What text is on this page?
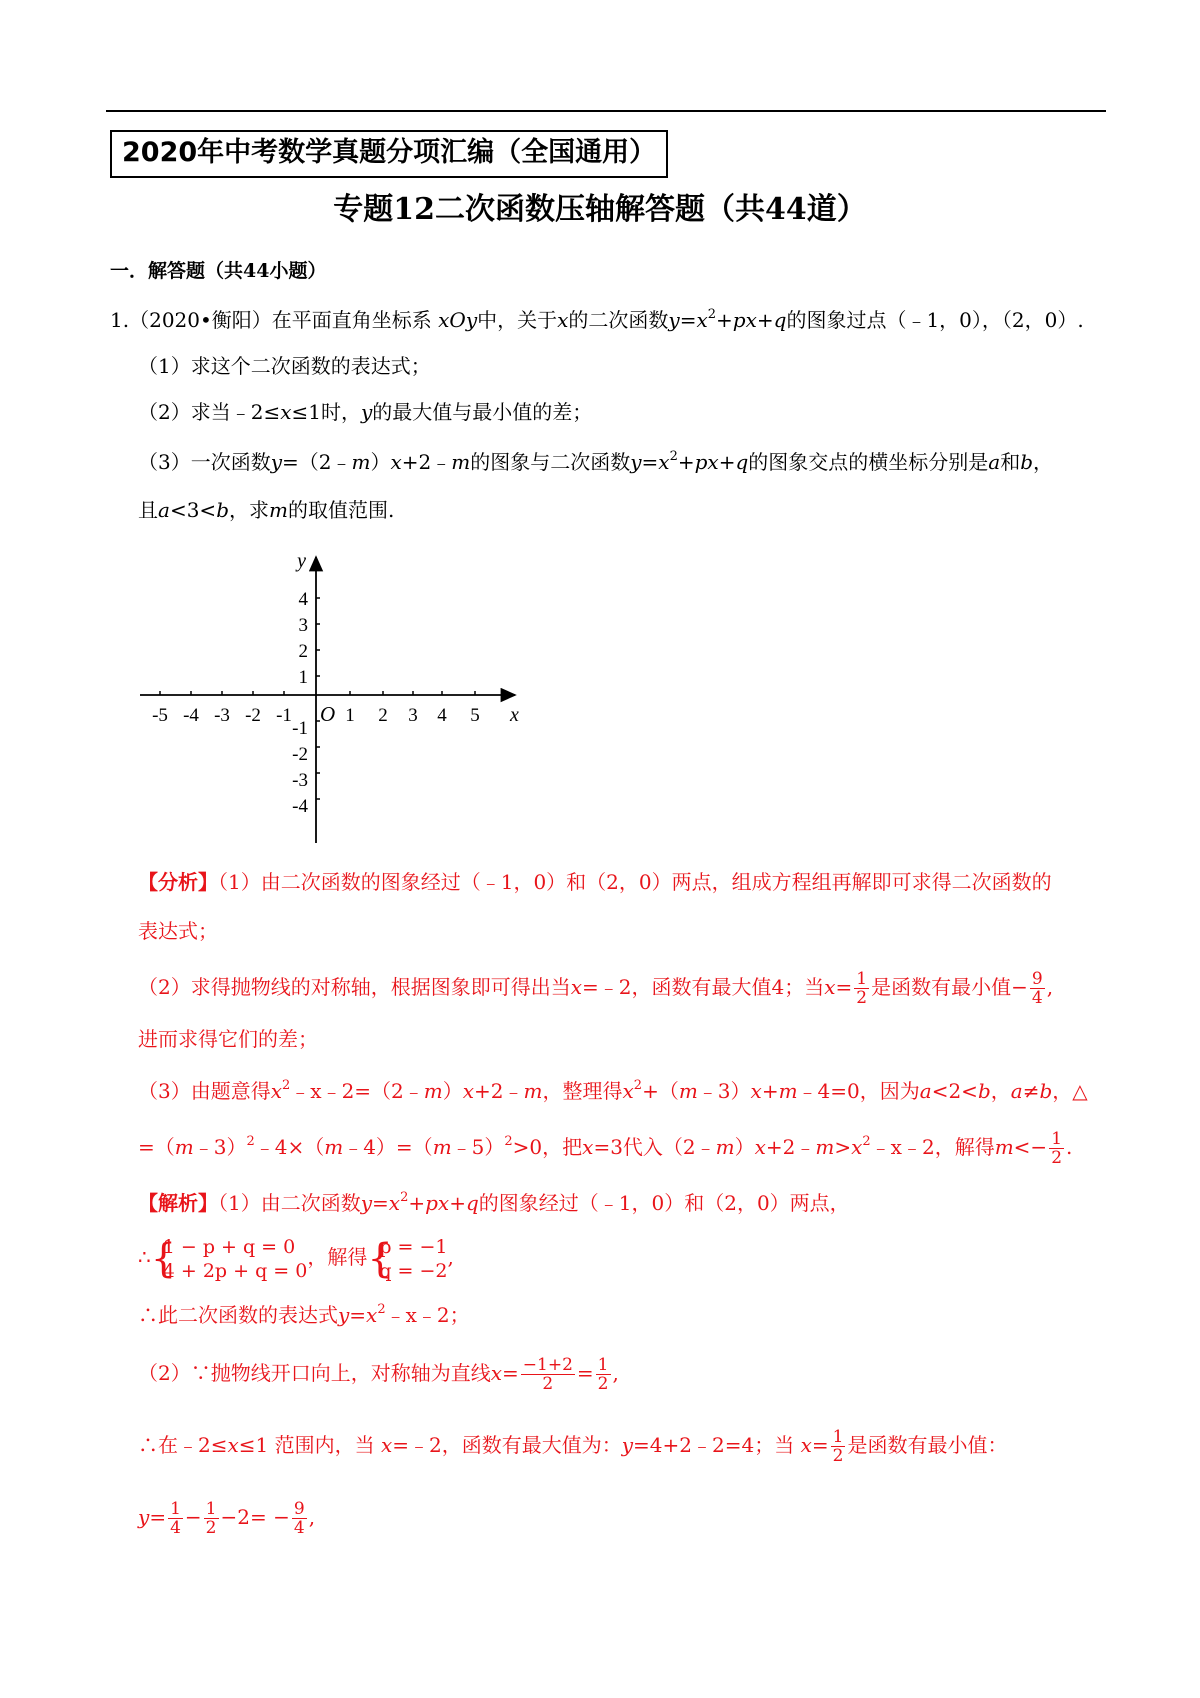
2020年中考数学真题分项汇编（全国通用）
专题12二次函数压轴解答题（共44道）
一．解答题（共44小题）
1.（2020•衡阳）在平面直角坐标系 xOy中，关于x的二次函数$y=x^2+px+q$的图象过点（﹣1，0），（2，0）.
（1）求这个二次函数的表达式；
（2）求当﹣2≤x≤1时，y的最大值与最小值的差；
（3）一次函数y=（2﹣m）x+2﹣m的图象与二次函数$y=x^2+px+q$的图象交点的横坐标分别是a和b，
且a<3<b，求m的取值范围.
y
x
O
-5 -4 -3 -2 -1	1 2 3 4 5
4
3
2
1
-1
-2
-3
-4
【分析】（1）由二次函数的图象经过（﹣1，0）和（2，0）两点，组成方程组再解即可求得二次函数的
表达式；
（2）求得抛物线的对称轴，根据图象即可得出当x=﹣2，函数有最大值4；当$x= \frac{1}{2}$ 是函数有最小值− $\frac{9}{4}$ ,
进而求得它们的差；
（3）由题意得$x^2﹣x﹣2=(2﹣m)x+2﹣m$，整理得$x^2+(m﹣3)x+m﹣4=0$，因为a<2<b，a≠b，△
=（m﹣3）$^2$﹣4×（m﹣4）=（m﹣5）$^2$>0，把x=3代入$(2﹣m)x+2﹣m>x^2﹣x﹣2$，解得$m<- \frac{1}{2}$ .
【解析】（1）由二次函数$y=x^2+px+q$的图象经过（﹣1，0）和（2，0）两点，
∴ {
1 − p + q = 0
4 + 2p + q = 0
，解得 {
p = −1
q = −2
,
∴此二次函数的表达式$y=x^2﹣x﹣2$；
（2）∵抛物线开口向上，对称轴为直线$x= \frac{-1+2}{2} = \frac{1}{2}$ ,
∴在﹣2≤x≤1 范围内，当 x=﹣2，函数有最大值为：y=4+2﹣2=4；当 $x= \frac{1}{2}$ 是函数有最小值：
$y= \frac{1}{4} - \frac{1}{2} -2= - \frac{9}{4}$ ,
